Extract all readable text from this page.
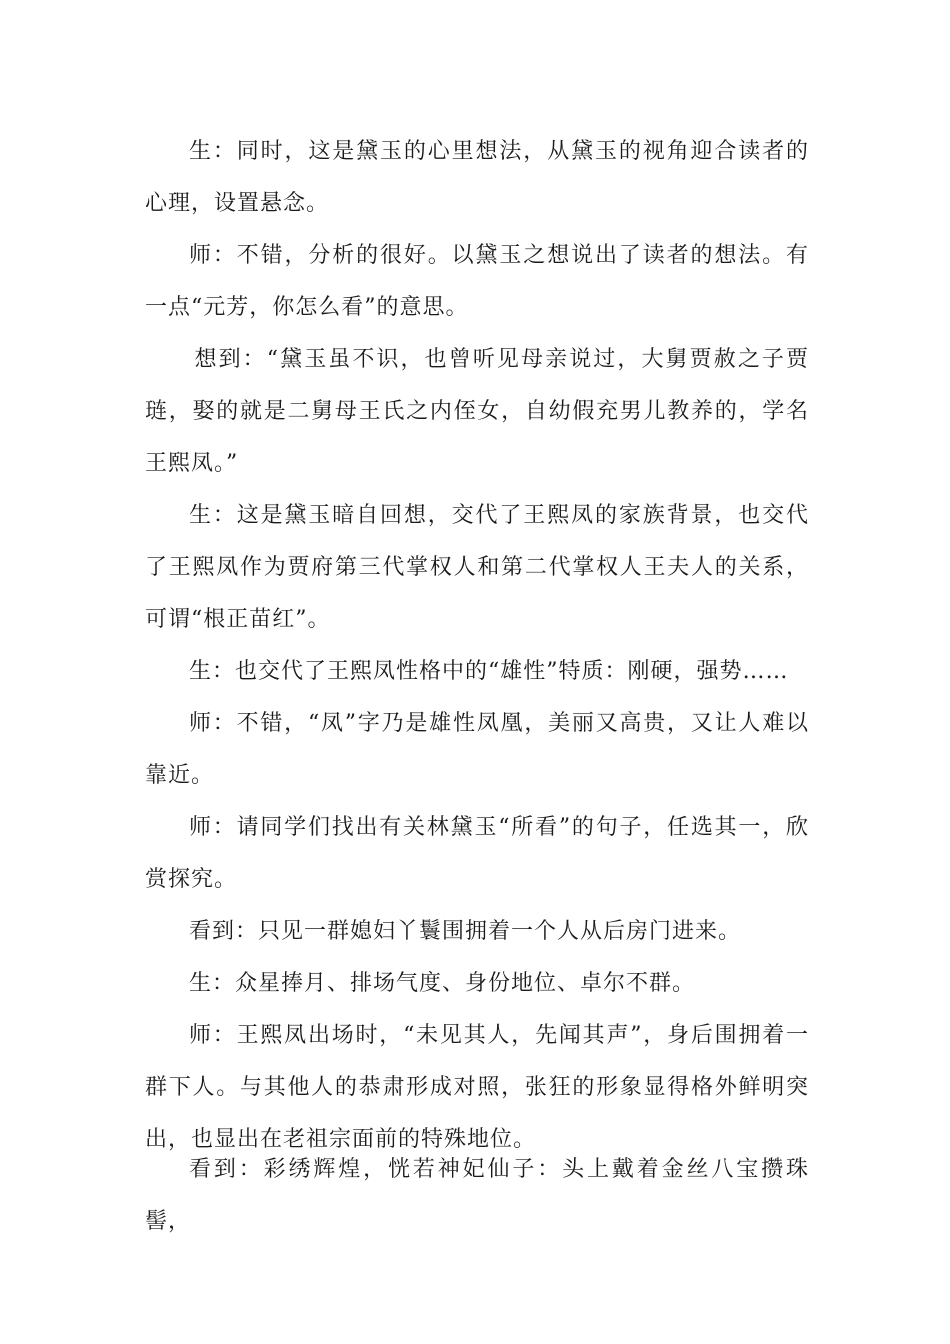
生：同时，这是黛玉的心里想法，从黛玉的视角迎合读者的心理，设置悬念。

师：不错，分析的很好。以黛玉之想说出了读者的想法。有一点“元芳，你怎么看”的意思。

想到：“黛玉虽不识，也曾听见母亲说过，大舅贾赦之子贾琏，娶的就是二舅母王氏之内侄女，自幼假充男儿教养的，学名王熙凤。”

生：这是黛玉暗自回想，交代了王熙凤的家族背景，也交代了王熙凤作为贾府第三代掌权人和第二代掌权人王夫人的关系，可谓“根正苗红”。

生：也交代了王熙凤性格中的“雄性”特质：刚硬，强势……

师：不错，“凤”字乃是雄性凤凰，美丽又高贵，又让人难以靠近。

师：请同学们找出有关林黛玉“所看”的句子，任选其一，欣赏探究。

看到：只见一群媳妇丫鬟围拥着一个人从后房门进来。

生：众星捧月、排场气度、身份地位、卓尔不群。

师：王熙凤出场时，“未见其人，先闻其声”，身后围拥着一群下人。与其他人的恭肃形成对照，张狂的形象显得格外鲜明突出，也显出在老祖宗面前的特殊地位。

看到：彩绣辉煌，恍若神妃仙子：头上戴着金丝八宝攒珠髻，
